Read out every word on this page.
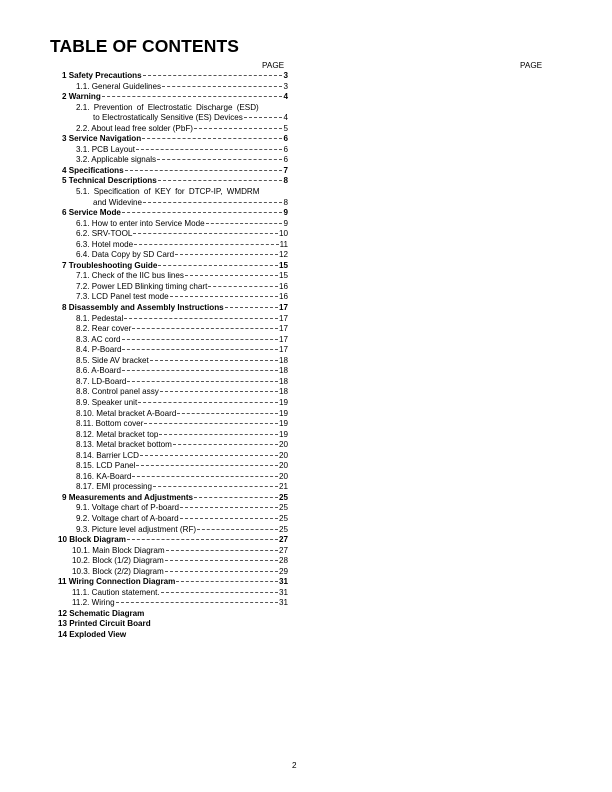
TABLE OF CONTENTS
PAGE	PAGE
1 Safety Precautions	3
1.1. General Guidelines	3
2 Warning	4
2.1. Prevention of Electrostatic Discharge (ESD)
to Electrostatically Sensitive (ES) Devices	4
2.2. About lead free solder (PbF)	5
3 Service Navigation	6
3.1. PCB Layout	6
3.2. Applicable signals	6
4 Specifications	7
5 Technical Descriptions	8
5.1. Specification of KEY for DTCP-IP, WMDRM
and Widevine	8
6 Service Mode	9
6.1. How to enter into Service Mode	9
6.2. SRV-TOOL	10
6.3. Hotel mode	11
6.4. Data Copy by SD Card	12
7 Troubleshooting Guide	15
7.1. Check of the IIC bus lines	15
7.2. Power LED Blinking timing chart	16
7.3. LCD Panel test mode	16
8 Disassembly and Assembly Instructions	17
8.1. Pedestal	17
8.2. Rear cover	17
8.3. AC cord	17
8.4. P-Board	17
8.5. Side AV bracket	18
8.6. A-Board	18
8.7. LD-Board	18
8.8. Control panel assy	18
8.9. Speaker unit	19
8.10. Metal bracket A-Board	19
8.11. Bottom cover	19
8.12. Metal bracket top	19
8.13. Metal bracket bottom	20
8.14. Barrier LCD	20
8.15. LCD Panel	20
8.16. KA-Board	20
8.17. EMI processing	21
9 Measurements and Adjustments	25
9.1. Voltage chart of P-board	25
9.2. Voltage chart of A-board	25
9.3. Picture level adjustment (RF)	25
10 Block Diagram	27
10.1. Main Block Diagram	27
10.2. Block (1/2) Diagram	28
10.3. Block (2/2) Diagram	29
11 Wiring Connection Diagram	31
11.1. Caution statement.	31
11.2. Wiring	31
12 Schematic Diagram
13 Printed Circuit Board
14 Exploded View
2
